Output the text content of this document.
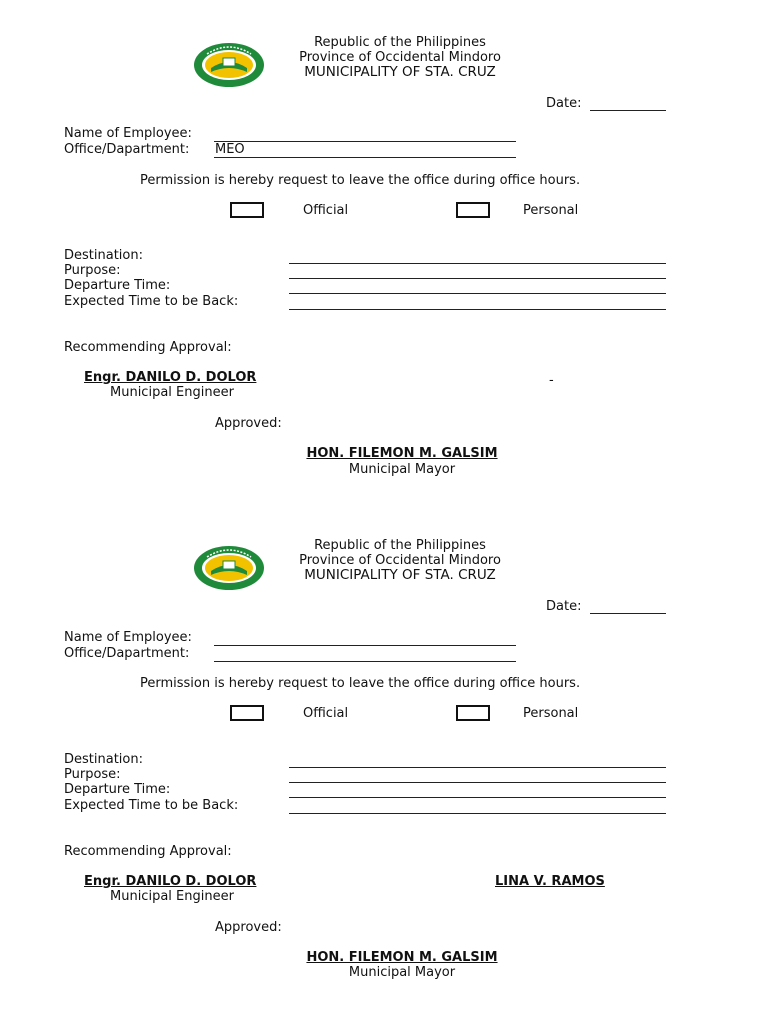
Republic of the Philippines
Province of Occidental Mindoro
MUNICIPALITY OF STA. CRUZ
Date:
Name of Employee:
Office/Dapartment: MEO
Permission is hereby request to leave the office during office hours.
Official	Personal
Destination:
Purpose:
Departure Time:
Expected Time to be Back:
Recommending Approval:
Engr. DANILO D. DOLOR
Municipal Engineer
-
Approved:
HON. FILEMON M. GALSIM
Municipal Mayor
Republic of the Philippines
Province of Occidental Mindoro
MUNICIPALITY OF STA. CRUZ
Date:
Name of Employee:
Office/Dapartment:
Permission is hereby request to leave the office during office hours.
Official	Personal
Destination:
Purpose:
Departure Time:
Expected Time to be Back:
Recommending Approval:
Engr. DANILO D. DOLOR
Municipal Engineer
LINA V. RAMOS
Approved:
HON. FILEMON M. GALSIM
Municipal Mayor
